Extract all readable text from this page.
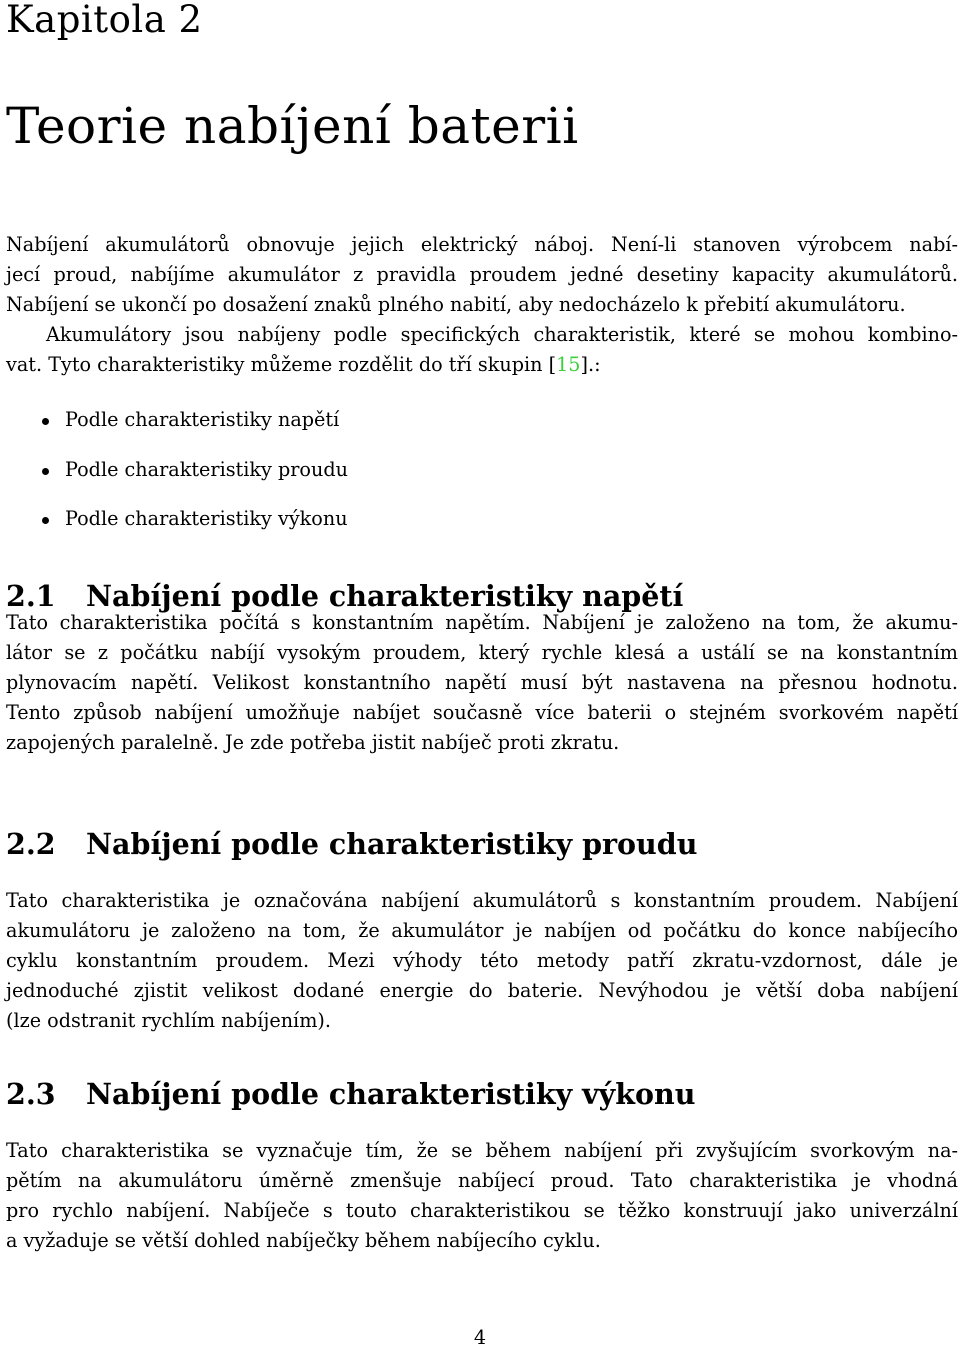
Kapitola 2
Teorie nabíjení baterii

Nabíjení akumulátorů obnovuje jejich elektrický náboj. Není-li stanoven výrobcem nabí-
jecí proud, nabíjíme akumulátor z pravidla proudem jedné desetiny kapacity akumulátorů.
Nabíjení se ukončí po dosažení znaků plného nabití, aby nedocházelo k přebití akumulátoru.
Akumulátory jsou nabíjeny podle specifických charakteristik, které se mohou kombino-
vat. Tyto charakteristiky můžeme rozdělit do tří skupin [15].:

Podle charakteristiky napětí
Podle charakteristiky proudu
Podle charakteristiky výkonu
2.1 Nabíjení podle charakteristiky napětí

Tato charakteristika počítá s konstantním napětím. Nabíjení je založeno na tom, že akumu-
látor se z počátku nabíjí vysokým proudem, který rychle klesá a ustálí se na konstantním
plynovacím napětí. Velikost konstantního napětí musí být nastavena na přesnou hodnotu.
Tento způsob nabíjení umožňuje nabíjet současně více baterii o stejném svorkovém napětí
zapojených paralelně. Je zde potřeba jistit nabíječ proti zkratu.

2.2 Nabíjení podle charakteristiky proudu

Tato charakteristika je označována nabíjení akumulátorů s konstantním proudem. Nabíjení
akumulátoru je založeno na tom, že akumulátor je nabíjen od počátku do konce nabíjecího
cyklu konstantním proudem. Mezi výhody této metody patří zkratu-vzdornost, dále je
jednoduché zjistit velikost dodané energie do baterie. Nevýhodou je větší doba nabíjení
(lze odstranit rychlím nabíjením).

2.3 Nabíjení podle charakteristiky výkonu

Tato charakteristika se vyznačuje tím, že se během nabíjení při zvyšujícím svorkovým na-
pětím na akumulátoru úměrně zmenšuje nabíjecí proud. Tato charakteristika je vhodná
pro rychlo nabíjení. Nabíječe s touto charakteristikou se těžko konstruují jako univerzální
a vyžaduje se větší dohled nabíječky během nabíjecího cyklu.

4
